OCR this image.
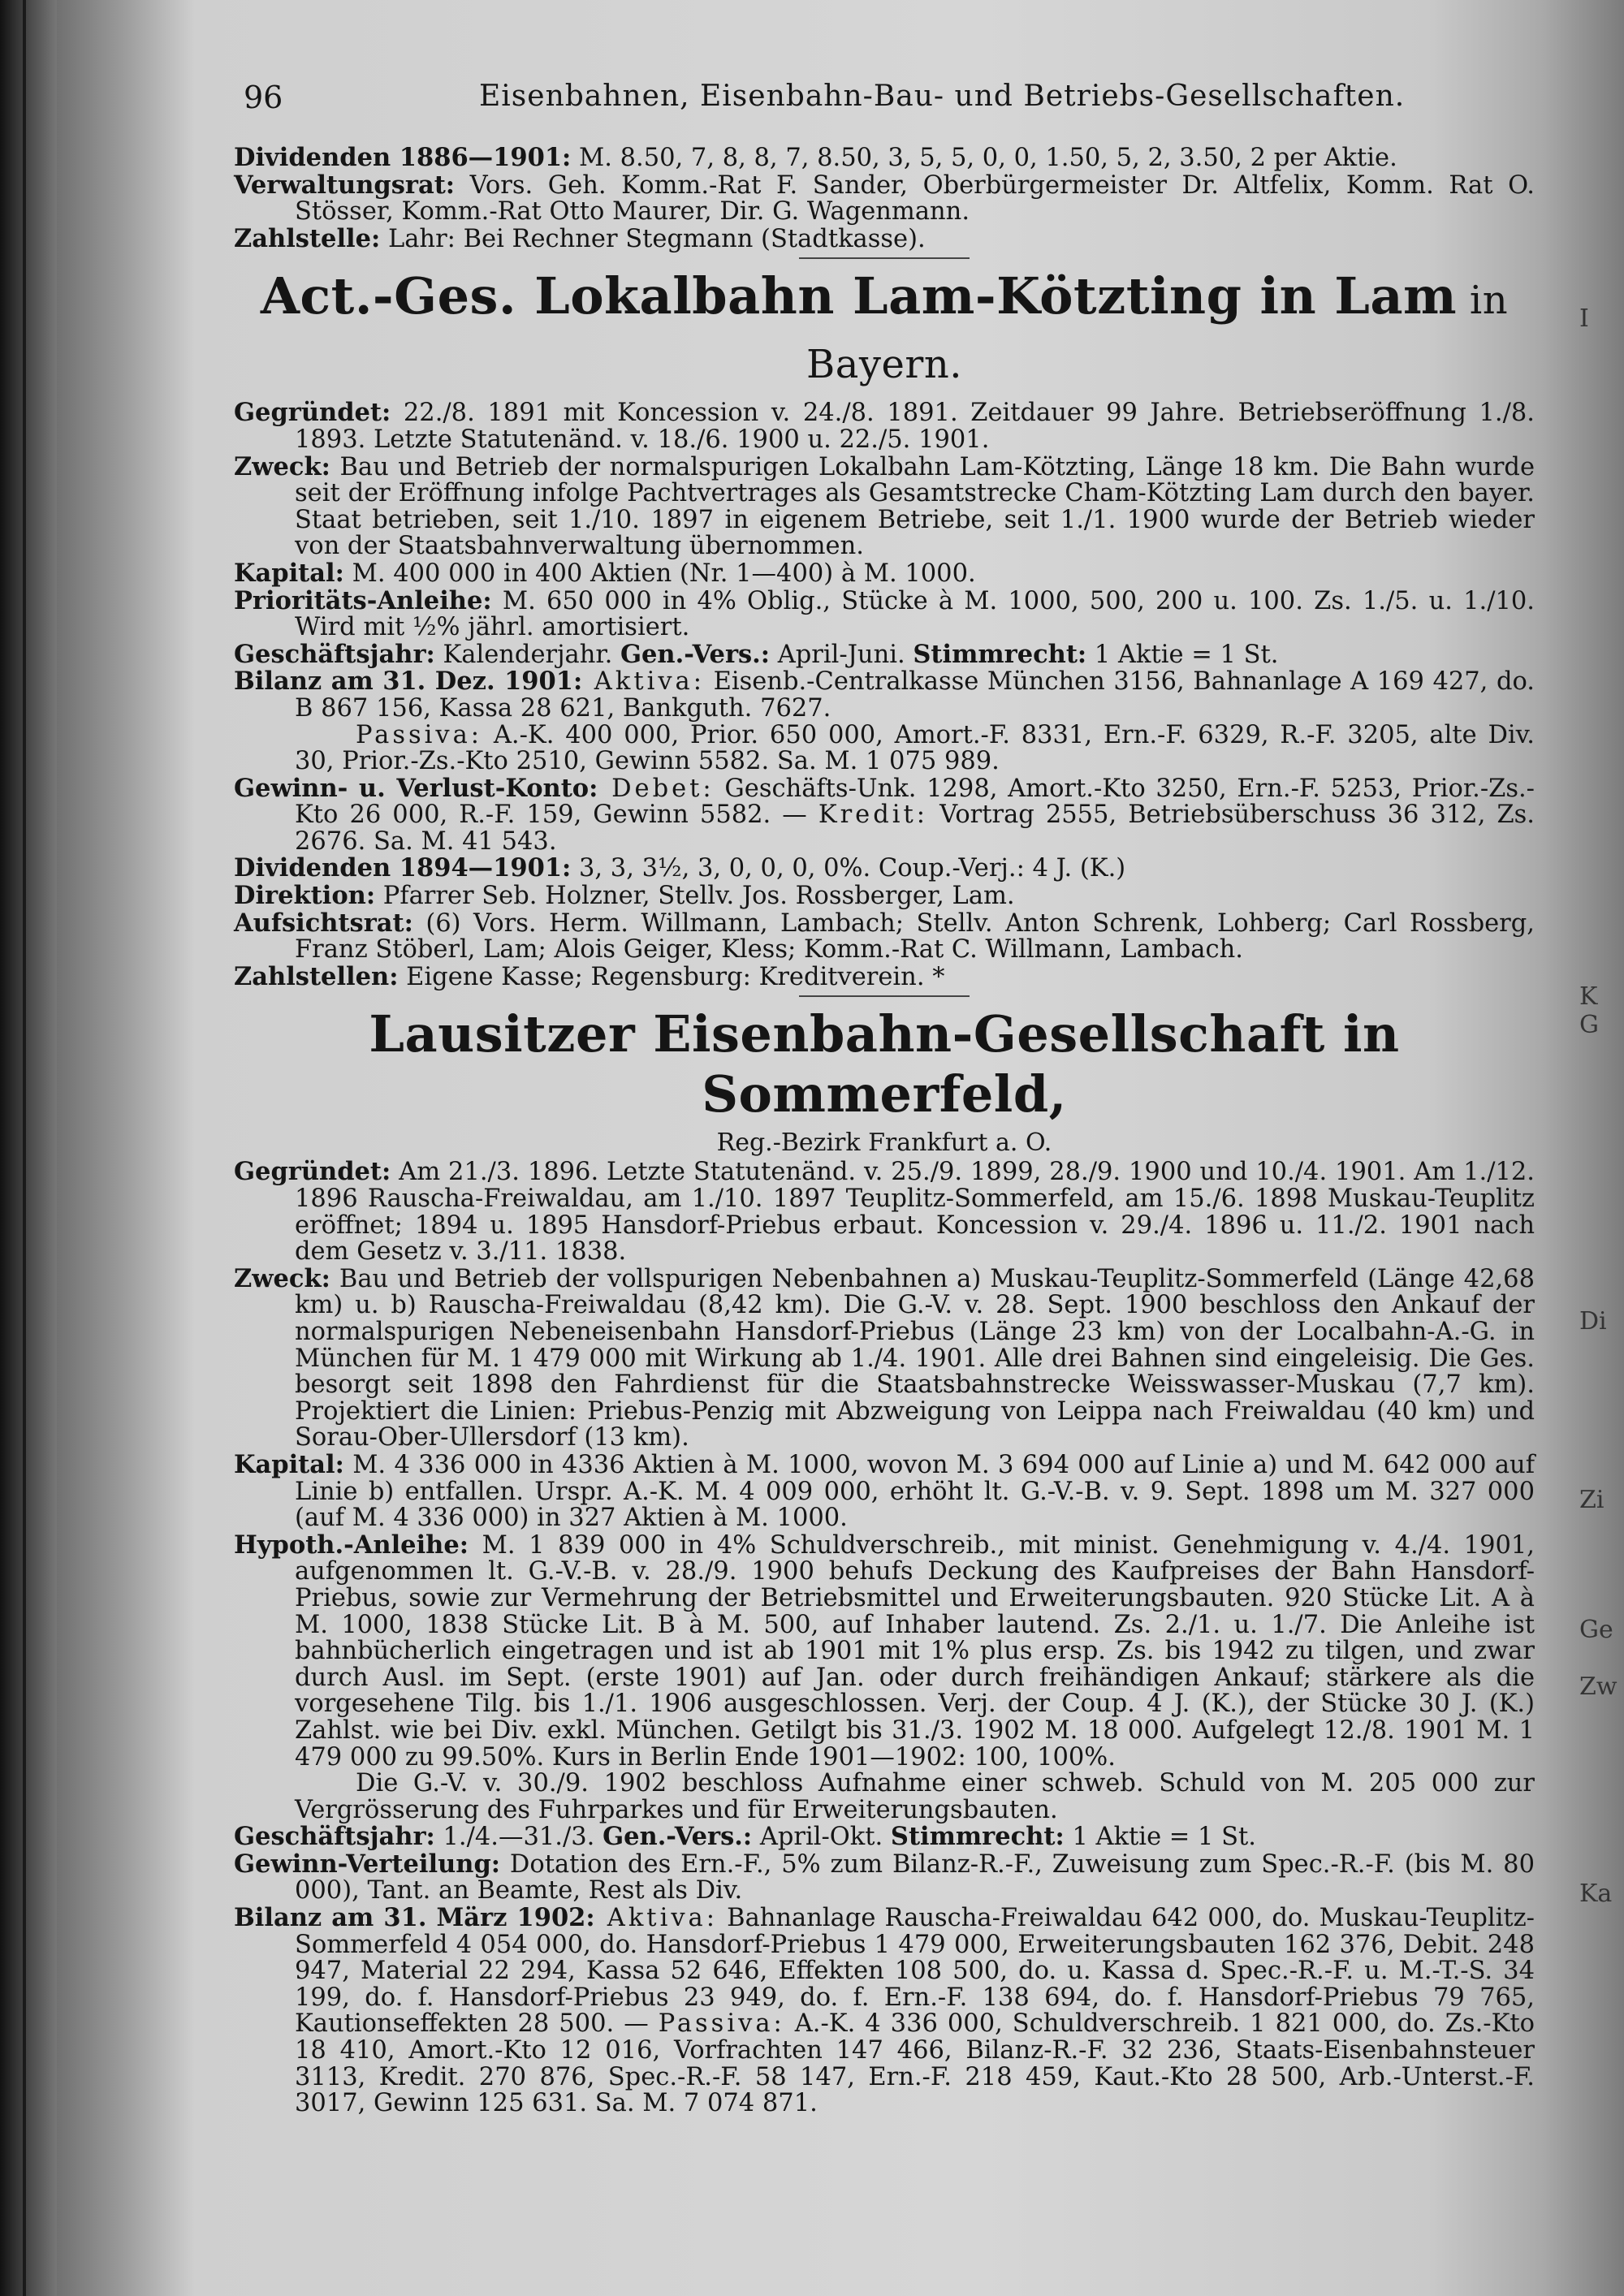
I
K
G
Di
Zi
Ge
Zw
Ka
96	Eisenbahnen, Eisenbahn-Bau- und Betriebs-Gesellschaften.

Dividenden 1886—1901: M. 8.50, 7, 8, 8, 7, 8.50, 3, 5, 5, 0, 0, 1.50, 5, 2, 3.50, 2 per Aktie.

Verwaltungsrat: Vors. Geh. Komm.-Rat F. Sander, Oberbürgermeister Dr. Altfelix, Komm. Rat O. Stösser, Komm.-Rat Otto Maurer, Dir. G. Wagenmann.

Zahlstelle: Lahr: Bei Rechner Stegmann (Stadtkasse).

Act.-Ges. Lokalbahn Lam-Kötzting in Lam in Bayern.

Gegründet: 22./8. 1891 mit Koncession v. 24./8. 1891. Zeitdauer 99 Jahre. Betriebseröffnung 1./8. 1893. Letzte Statutenänd. v. 18./6. 1900 u. 22./5. 1901.

Zweck: Bau und Betrieb der normalspurigen Lokalbahn Lam-Kötzting, Länge 18 km. Die Bahn wurde seit der Eröffnung infolge Pachtvertrages als Gesamtstrecke Cham-Kötzting Lam durch den bayer. Staat betrieben, seit 1./10. 1897 in eigenem Betriebe, seit 1./1. 1900 wurde der Betrieb wieder von der Staatsbahnverwaltung übernommen.

Kapital: M. 400 000 in 400 Aktien (Nr. 1—400) à M. 1000.

Prioritäts-Anleihe: M. 650 000 in 4% Oblig., Stücke à M. 1000, 500, 200 u. 100. Zs. 1./5. u. 1./10. Wird mit ½% jährl. amortisiert.

Geschäftsjahr: Kalenderjahr. Gen.-Vers.: April-Juni. Stimmrecht: 1 Aktie = 1 St.

Bilanz am 31. Dez. 1901: Aktiva: Eisenb.-Centralkasse München 3156, Bahnanlage A 169 427, do. B 867 156, Kassa 28 621, Bankguth. 7627.

Passiva: A.-K. 400 000, Prior. 650 000, Amort.-F. 8331, Ern.-F. 6329, R.-F. 3205, alte Div. 30, Prior.-Zs.-Kto 2510, Gewinn 5582. Sa. M. 1 075 989.

Gewinn- u. Verlust-Konto: Debet: Geschäfts-Unk. 1298, Amort.-Kto 3250, Ern.-F. 5253, Prior.-Zs.-Kto 26 000, R.-F. 159, Gewinn 5582. — Kredit: Vortrag 2555, Betriebsüberschuss 36 312, Zs. 2676. Sa. M. 41 543.

Dividenden 1894—1901: 3, 3, 3½, 3, 0, 0, 0, 0%. Coup.-Verj.: 4 J. (K.)

Direktion: Pfarrer Seb. Holzner, Stellv. Jos. Rossberger, Lam.

Aufsichtsrat: (6) Vors. Herm. Willmann, Lambach; Stellv. Anton Schrenk, Lohberg; Carl Rossberg, Franz Stöberl, Lam; Alois Geiger, Kless; Komm.-Rat C. Willmann, Lambach.

Zahlstellen: Eigene Kasse; Regensburg: Kreditverein. *

Lausitzer Eisenbahn-Gesellschaft in Sommerfeld,
Reg.-Bezirk Frankfurt a. O.

Gegründet: Am 21./3. 1896. Letzte Statutenänd. v. 25./9. 1899, 28./9. 1900 und 10./4. 1901. Am 1./12. 1896 Rauscha-Freiwaldau, am 1./10. 1897 Teuplitz-Sommerfeld, am 15./6. 1898 Muskau-Teuplitz eröffnet; 1894 u. 1895 Hansdorf-Priebus erbaut. Koncession v. 29./4. 1896 u. 11./2. 1901 nach dem Gesetz v. 3./11. 1838.

Zweck: Bau und Betrieb der vollspurigen Nebenbahnen a) Muskau-Teuplitz-Sommerfeld (Länge 42,68 km) u. b) Rauscha-Freiwaldau (8,42 km). Die G.-V. v. 28. Sept. 1900 beschloss den Ankauf der normalspurigen Nebeneisenbahn Hansdorf-Priebus (Länge 23 km) von der Localbahn-A.-G. in München für M. 1 479 000 mit Wirkung ab 1./4. 1901. Alle drei Bahnen sind eingeleisig. Die Ges. besorgt seit 1898 den Fahrdienst für die Staatsbahnstrecke Weisswasser-Muskau (7,7 km). Projektiert die Linien: Priebus-Penzig mit Abzweigung von Leippa nach Freiwaldau (40 km) und Sorau-Ober-Ullersdorf (13 km).

Kapital: M. 4 336 000 in 4336 Aktien à M. 1000, wovon M. 3 694 000 auf Linie a) und M. 642 000 auf Linie b) entfallen. Urspr. A.-K. M. 4 009 000, erhöht lt. G.-V.-B. v. 9. Sept. 1898 um M. 327 000 (auf M. 4 336 000) in 327 Aktien à M. 1000.

Hypoth.-Anleihe: M. 1 839 000 in 4% Schuldverschreib., mit minist. Genehmigung v. 4./4. 1901, aufgenommen lt. G.-V.-B. v. 28./9. 1900 behufs Deckung des Kaufpreises der Bahn Hansdorf-Priebus, sowie zur Vermehrung der Betriebsmittel und Erweiterungsbauten. 920 Stücke Lit. A à M. 1000, 1838 Stücke Lit. B à M. 500, auf Inhaber lautend. Zs. 2./1. u. 1./7. Die Anleihe ist bahnbücherlich eingetragen und ist ab 1901 mit 1% plus ersp. Zs. bis 1942 zu tilgen, und zwar durch Ausl. im Sept. (erste 1901) auf Jan. oder durch freihändigen Ankauf; stärkere als die vorgesehene Tilg. bis 1./1. 1906 ausgeschlossen. Verj. der Coup. 4 J. (K.), der Stücke 30 J. (K.) Zahlst. wie bei Div. exkl. München. Getilgt bis 31./3. 1902 M. 18 000. Aufgelegt 12./8. 1901 M. 1 479 000 zu 99.50%. Kurs in Berlin Ende 1901—1902: 100, 100%.

Die G.-V. v. 30./9. 1902 beschloss Aufnahme einer schweb. Schuld von M. 205 000 zur Vergrösserung des Fuhrparkes und für Erweiterungsbauten.

Geschäftsjahr: 1./4.—31./3. Gen.-Vers.: April-Okt. Stimmrecht: 1 Aktie = 1 St.

Gewinn-Verteilung: Dotation des Ern.-F., 5% zum Bilanz-R.-F., Zuweisung zum Spec.-R.-F. (bis M. 80 000), Tant. an Beamte, Rest als Div.

Bilanz am 31. März 1902: Aktiva: Bahnanlage Rauscha-Freiwaldau 642 000, do. Muskau-Teuplitz-Sommerfeld 4 054 000, do. Hansdorf-Priebus 1 479 000, Erweiterungsbauten 162 376, Debit. 248 947, Material 22 294, Kassa 52 646, Effekten 108 500, do. u. Kassa d. Spec.-R.-F. u. M.-T.-S. 34 199, do. f. Hansdorf-Priebus 23 949, do. f. Ern.-F. 138 694, do. f. Hansdorf-Priebus 79 765, Kautionseffekten 28 500. — Passiva: A.-K. 4 336 000, Schuldverschreib. 1 821 000, do. Zs.-Kto 18 410, Amort.-Kto 12 016, Vorfrachten 147 466, Bilanz-R.-F. 32 236, Staats-Eisenbahnsteuer 3113, Kredit. 270 876, Spec.-R.-F. 58 147, Ern.-F. 218 459, Kaut.-Kto 28 500, Arb.-Unterst.-F. 3017, Gewinn 125 631. Sa. M. 7 074 871.
